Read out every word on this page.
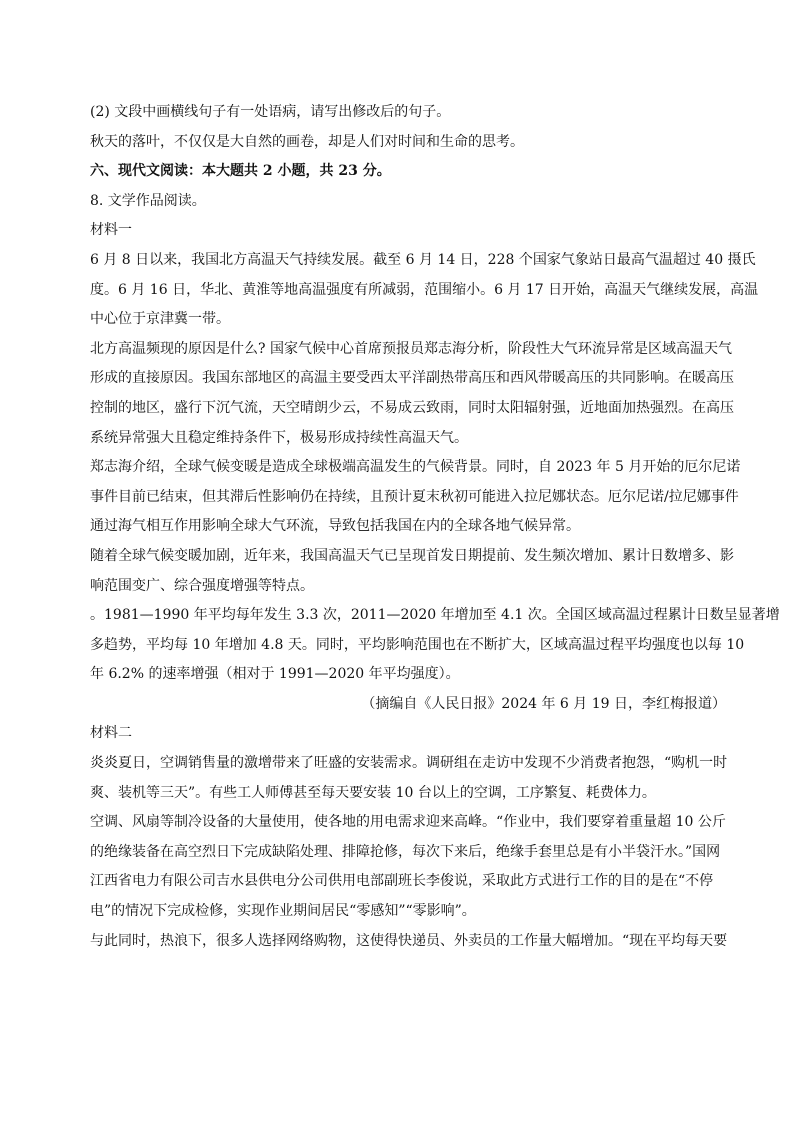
(2) 文段中画横线句子有一处语病，请写出修改后的句子。

秋天的落叶，不仅仅是大自然的画卷，却是人们对时间和生命的思考。

六、现代文阅读：本大题共 2 小题，共 23 分。

8. 文学作品阅读。

材料一

6 月 8 日以来，我国北方高温天气持续发展。截至 6 月 14 日，228 个国家气象站日最高气温超过 40 摄氏

度。6 月 16 日，华北、黄淮等地高温强度有所减弱，范围缩小。6 月 17 日开始，高温天气继续发展，高温

中心位于京津冀一带。

北方高温频现的原因是什么? 国家气候中心首席预报员郑志海分析，阶段性大气环流异常是区域高温天气

形成的直接原因。我国东部地区的高温主要受西太平洋副热带高压和西风带暖高压的共同影响。在暖高压

控制的地区，盛行下沉气流，天空晴朗少云，不易成云致雨，同时太阳辐射强，近地面加热强烈。在高压

系统异常强大且稳定维持条件下，极易形成持续性高温天气。

郑志海介绍，全球气候变暖是造成全球极端高温发生的气候背景。同时，自 2023 年 5 月开始的厄尔尼诺

事件目前已结束，但其滞后性影响仍在持续，且预计夏末秋初可能进入拉尼娜状态。厄尔尼诺/拉尼娜事件

通过海气相互作用影响全球大气环流，导致包括我国在内的全球各地气候异常。

随着全球气候变暖加剧，近年来，我国高温天气已呈现首发日期提前、发生频次增加、累计日数增多、影

响范围变广、综合强度增强等特点。

。1981—1990 年平均每年发生 3.3 次，2011—2020 年增加至 4.1 次。全国区域高温过程累计日数呈显著增

多趋势，平均每 10 年增加 4.8 天。同时，平均影响范围也在不断扩大，区域高温过程平均强度也以每 10

年 6.2% 的速率增强（相对于 1991—2020 年平均强度）。

（摘编自《人民日报》2024 年 6 月 19 日，李红梅报道）

材料二

炎炎夏日，空调销售量的激增带来了旺盛的安装需求。调研组在走访中发现不少消费者抱怨，“购机一时

爽、装机等三天”。有些工人师傅甚至每天要安装 10 台以上的空调，工序繁复、耗费体力。

空调、风扇等制冷设备的大量使用，使各地的用电需求迎来高峰。“作业中，我们要穿着重量超 10 公斤

的绝缘装备在高空烈日下完成缺陷处理、排障抢修，每次下来后，绝缘手套里总是有小半袋汗水。”国网

江西省电力有限公司吉水县供电分公司供用电部副班长李俊说，采取此方式进行工作的目的是在“不停

电”的情况下完成检修，实现作业期间居民“零感知”“零影响”。

与此同时，热浪下，很多人选择网络购物，这使得快递员、外卖员的工作量大幅增加。“现在平均每天要
